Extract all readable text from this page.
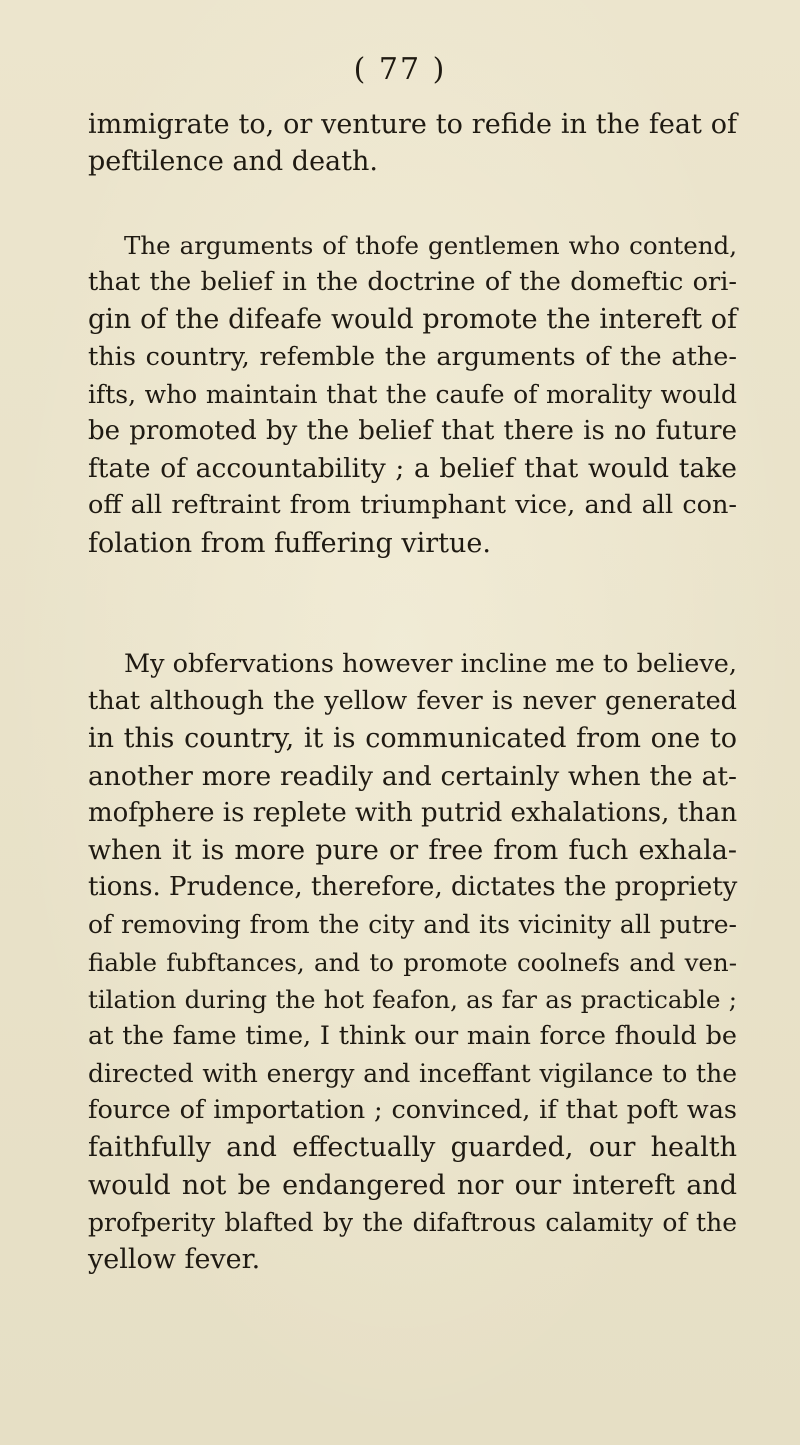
( 77 )
immigrate to, or venture to refide in the feat of
peftilence and death.
The arguments of thofe gentlemen who contend,
that the belief in the doctrine of the domeftic ori-
gin of the difeafe would promote the intereft of
this country, refemble the arguments of the athe-
ifts, who maintain that the caufe of morality would
be promoted by the belief that there is no future
ftate of accountability ; a belief that would take
off all reftraint from triumphant vice, and all con-
folation from fuffering virtue.
My obfervations however incline me to believe,
that although the yellow fever is never generated
in this country, it is communicated from one to
another more readily and certainly when the at-
mofphere is replete with putrid exhalations, than
when it is more pure or free from fuch exhala-
tions. Prudence, therefore, dictates the propriety
of removing from the city and its vicinity all putre-
fiable fubftances, and to promote coolnefs and ven-
tilation during the hot feafon, as far as practicable ;
at the fame time, I think our main force fhould be
directed with energy and inceffant vigilance to the
fource of importation ; convinced, if that poft was
faithfully and effectually guarded, our health
would not be endangered nor our intereft and
profperity blafted by the difaftrous calamity of the
yellow fever.
